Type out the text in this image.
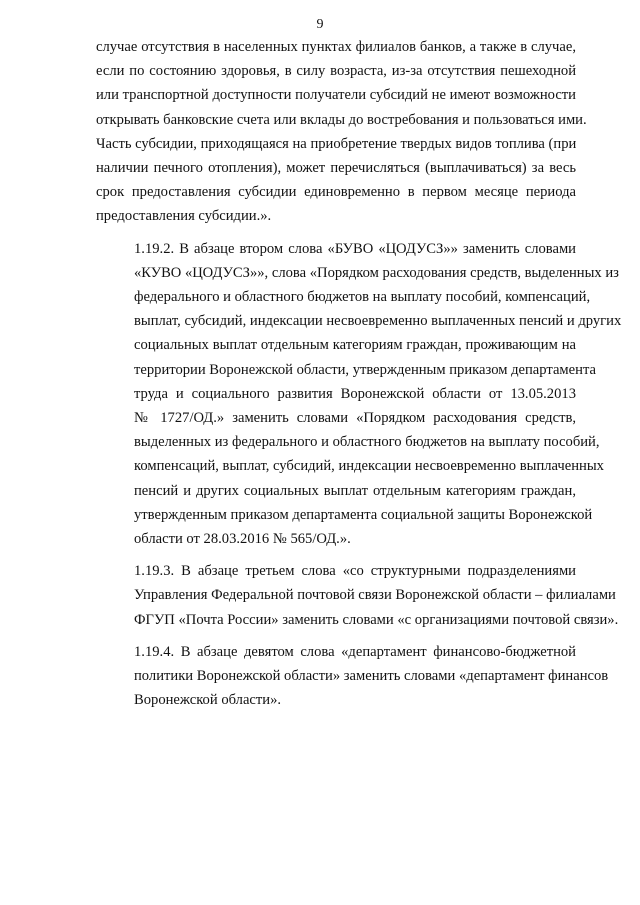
9

случае отсутствия в населенных пунктах филиалов банков, а также в случае,
если по состоянию здоровья, в силу возраста, из-за отсутствия пешеходной
или транспортной доступности получатели субсидий не имеют возможности
открывать банковские счета или вклады до востребования и пользоваться ими.
Часть субсидии, приходящаяся на приобретение твердых видов топлива (при
наличии печного отопления), может перечисляться (выплачиваться) за весь
срок предоставления субсидии единовременно в первом месяце периода
предоставления субсидии.».

1.19.2. В абзаце втором слова «БУВО «ЦОДУСЗ»» заменить словами
«КУВО «ЦОДУСЗ»», слова «Порядком расходования средств, выделенных из
федерального и областного бюджетов на выплату пособий, компенсаций,
выплат, субсидий, индексации несвоевременно выплаченных пенсий и других
социальных выплат отдельным категориям граждан, проживающим на
территории Воронежской области, утвержденным приказом департамента
труда и социального развития Воронежской области от 13.05.2013
№ 1727/ОД.» заменить словами «Порядком расходования средств,
выделенных из федерального и областного бюджетов на выплату пособий,
компенсаций, выплат, субсидий, индексации несвоевременно выплаченных
пенсий и других социальных выплат отдельным категориям граждан,
утвержденным приказом департамента социальной защиты Воронежской
области от 28.03.2016 № 565/ОД.».

1.19.3. В абзаце третьем слова «со структурными подразделениями
Управления Федеральной почтовой связи Воронежской области – филиалами
ФГУП «Почта России» заменить словами «с организациями почтовой связи».

1.19.4. В абзаце девятом слова «департамент финансово-бюджетной
политики Воронежской области» заменить словами «департамент финансов
Воронежской области».
